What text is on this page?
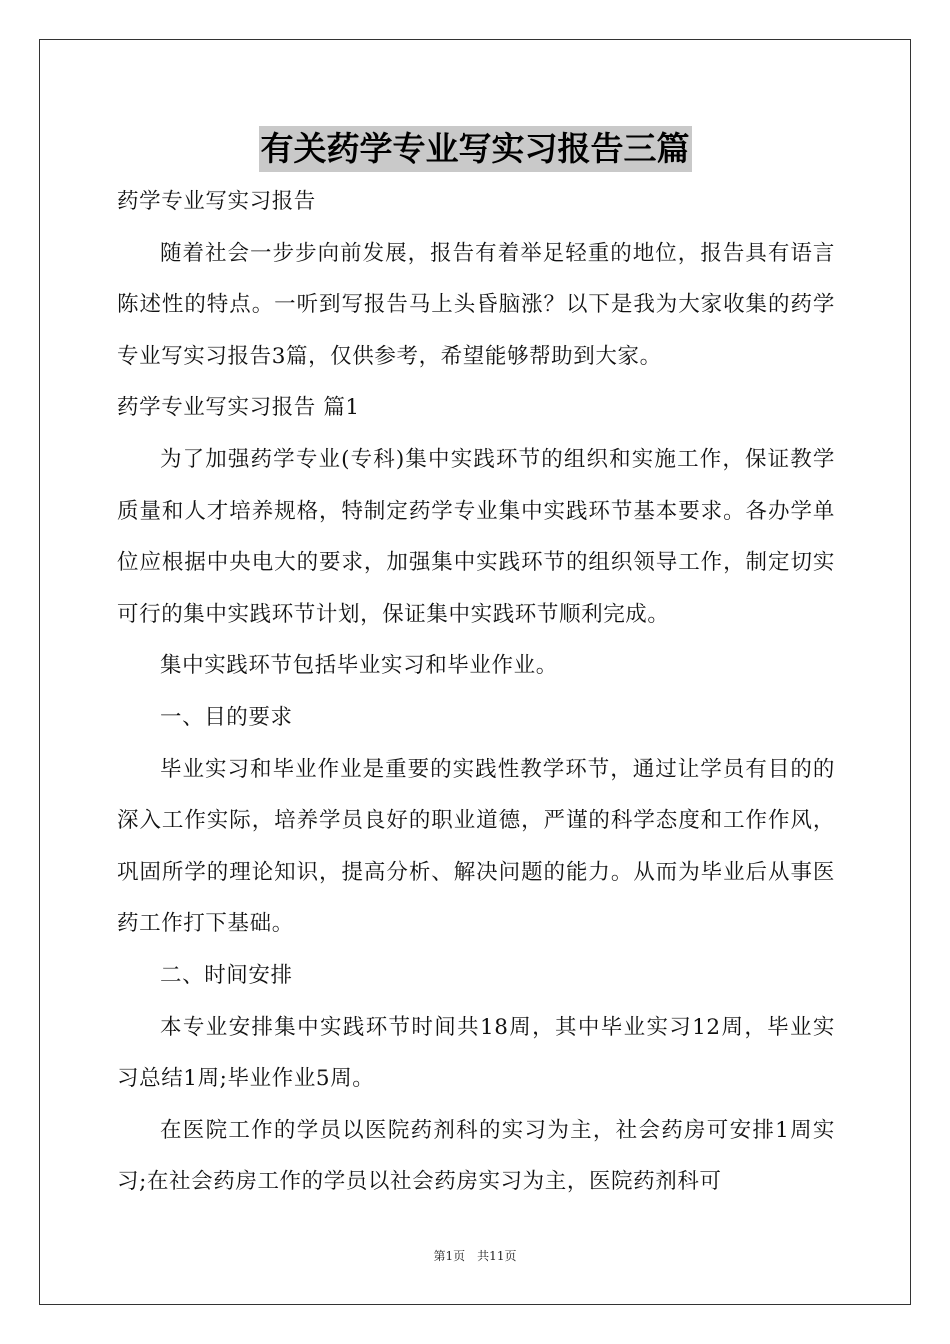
有关药学专业写实习报告三篇

药学专业写实习报告

随着社会一步步向前发展，报告有着举足轻重的地位，报告具有语言陈述性的特点。一听到写报告马上头昏脑涨？以下是我为大家收集的药学专业写实习报告3篇，仅供参考，希望能够帮助到大家。

药学专业写实习报告 篇1

为了加强药学专业(专科)集中实践环节的组织和实施工作，保证教学质量和人才培养规格，特制定药学专业集中实践环节基本要求。各办学单位应根据中央电大的要求，加强集中实践环节的组织领导工作，制定切实可行的集中实践环节计划，保证集中实践环节顺利完成。

集中实践环节包括毕业实习和毕业作业。

一、目的要求

毕业实习和毕业作业是重要的实践性教学环节，通过让学员有目的的深入工作实际，培养学员良好的职业道德，严谨的科学态度和工作作风，巩固所学的理论知识，提高分析、解决问题的能力。从而为毕业后从事医药工作打下基础。

二、时间安排

本专业安排集中实践环节时间共18周，其中毕业实习12周，毕业实习总结1周;毕业作业5周。

在医院工作的学员以医院药剂科的实习为主，社会药房可安排1周实习;在社会药房工作的学员以社会药房实习为主，医院药剂科可

第1页　共11页
